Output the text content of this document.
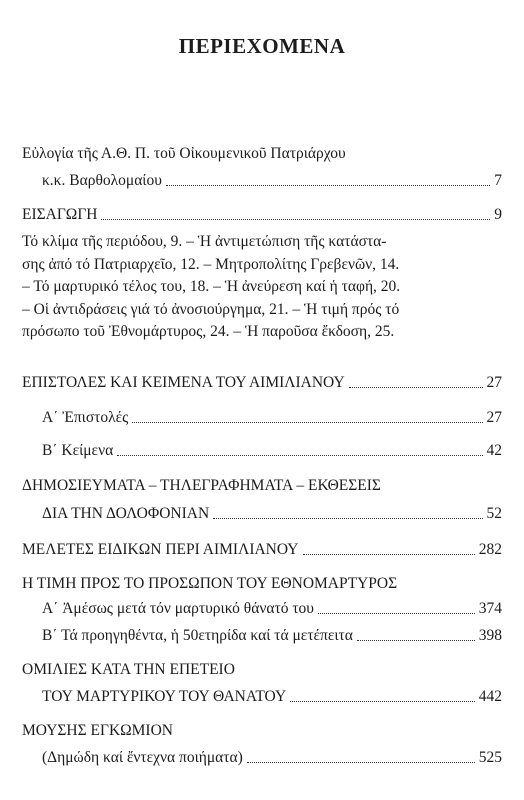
ΠΕΡΙΕΧΟΜΕΝΑ
Εὐλογία τῆς Α.Θ. Π. τοῦ Οἰκουμενικοῦ Πατριάρχου
κ.κ. Βαρθολομαίου	7
ΕΙΣΑΓΩΓΗ	9
Τό κλίμα τῆς περιόδου, 9. – Ἡ ἀντιμετώπιση τῆς κατάστα-
σης ἀπό τό Πατριαρχεῖο, 12. – Μητροπολίτης Γρεβενῶν, 14.
– Τό μαρτυρικό τέλος του, 18. – Ἡ ἀνεύρεση καί ἡ ταφή, 20.
– Οἱ ἀντιδράσεις γιά τό ἀνοσιούργημα, 21. – Ἡ τιμή πρός τό
πρόσωπο τοῦ Ἐθνομάρτυρος, 24. – Ἡ παροῦσα ἔκδοση, 25.
ΕΠΙΣΤΟΛΕΣ ΚΑΙ ΚΕΙΜΕΝΑ ΤΟΥ ΑΙΜΙΛΙΑΝΟΥ	27
Α΄ Ἐπιστολές	27
Β΄ Κείμενα	42
ΔΗΜΟΣΙΕΥΜΑΤΑ – ΤΗΛΕΓΡΑΦΗΜΑΤΑ – ΕΚΘΕΣΕΙΣ
ΔΙΑ ΤΗΝ ΔΟΛΟΦΟΝΙΑΝ	52
ΜΕΛΕΤΕΣ ΕΙΔΙΚΩΝ ΠΕΡΙ ΑΙΜΙΛΙΑΝΟΥ	282
Η ΤΙΜΗ ΠΡΟΣ ΤΟ ΠΡΟΣΩΠΟΝ ΤΟΥ ΕΘΝΟΜΑΡΤΥΡΟΣ
Α΄ Ἀμέσως μετά τόν μαρτυρικό θάνατό του	374
Β΄ Τά προηγηθέντα, ἡ 50ετηρίδα καί τά μετέπειτα	398
ΟΜΙΛΙΕΣ ΚΑΤΑ ΤΗΝ ΕΠΕΤΕΙΟ
ΤΟΥ ΜΑΡΤΥΡΙΚΟΥ ΤΟΥ ΘΑΝΑΤΟΥ	442
ΜΟΥΣΗΣ ΕΓΚΩΜΙΟΝ
(Δημώδη καί ἔντεχνα ποιήματα)	525
